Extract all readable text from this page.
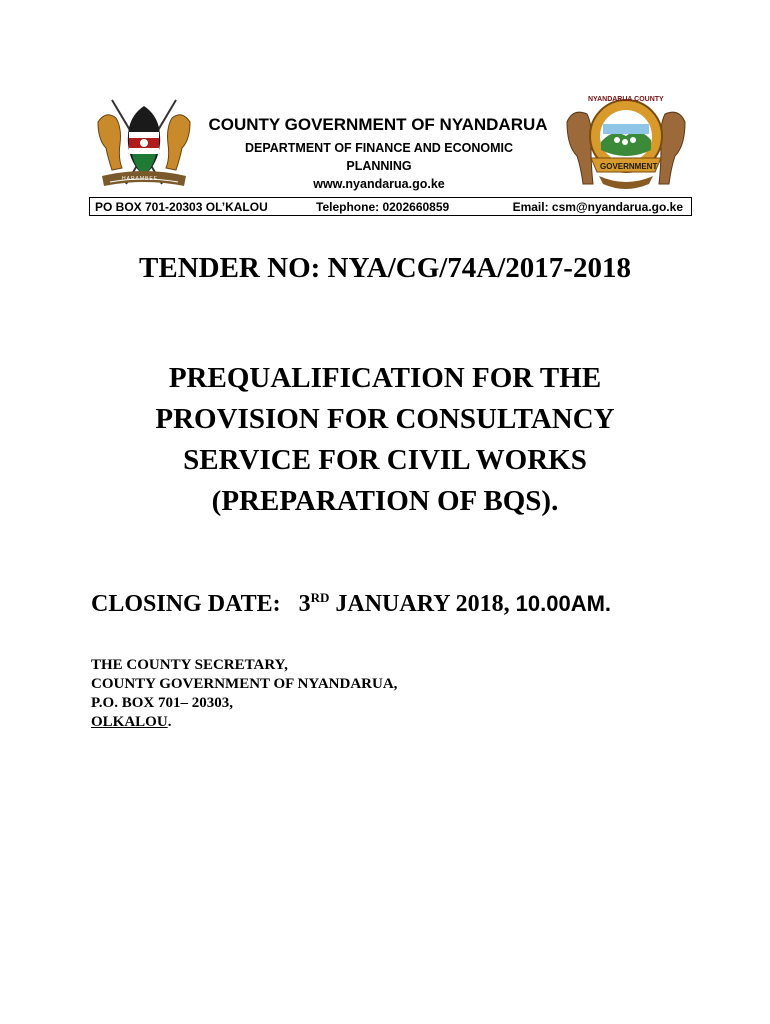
HARAMBEE
NYANDARUA COUNTY
GOVERNMENT
COUNTY GOVERNMENT OF NYANDARUA
DEPARTMENT OF FINANCE AND ECONOMIC
PLANNING
www.nyandarua.go.ke
PO BOX 701-20303 OL’KALOU	Telephone: 0202660859	Email: csm@nyandarua.go.ke
TENDER NO: NYA/CG/74A/2017-2018
PREQUALIFICATION FOR THE
PROVISION FOR CONSULTANCY
SERVICE FOR CIVIL WORKS
(PREPARATION OF BQS).
CLOSING DATE: 3RD JANUARY 2018, 10.00AM.
THE COUNTY SECRETARY,
COUNTY GOVERNMENT OF NYANDARUA,
P.O. BOX 701– 20303,
OLKALOU.
